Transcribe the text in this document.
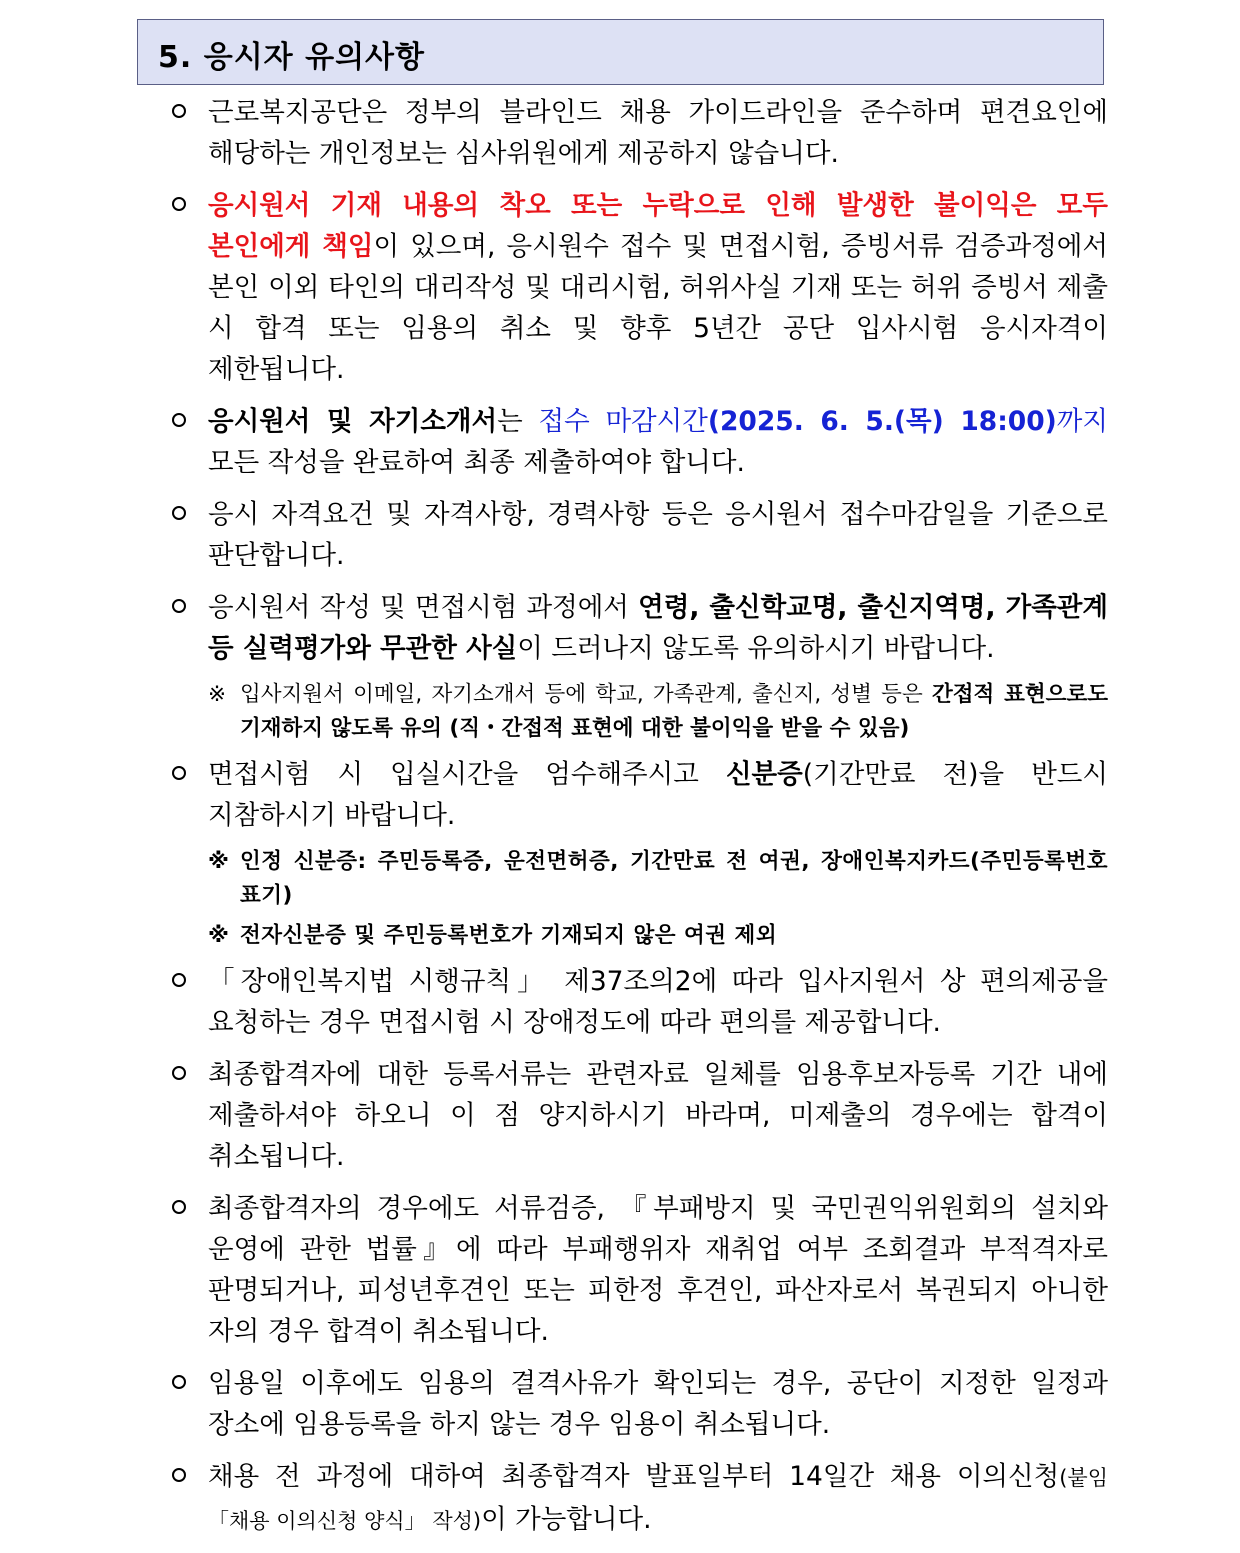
5. 응시자 유의사항
근로복지공단은 정부의 블라인드 채용 가이드라인을 준수하며 편견요인에 해당하는 개인정보는 심사위원에게 제공하지 않습니다.
응시원서 기재 내용의 착오 또는 누락으로 인해 발생한 불이익은 모두 본인에게 책임이 있으며, 응시원수 접수 및 면접시험, 증빙서류 검증과정에서 본인 이외 타인의 대리작성 및 대리시험, 허위사실 기재 또는 허위 증빙서 제출 시 합격 또는 임용의 취소 및 향후 5년간 공단 입사시험 응시자격이 제한됩니다.
응시원서 및 자기소개서는 접수 마감시간(2025. 6. 5.(목) 18:00)까지 모든 작성을 완료하여 최종 제출하여야 합니다.
응시 자격요건 및 자격사항, 경력사항 등은 응시원서 접수마감일을 기준으로 판단합니다.
응시원서 작성 및 면접시험 과정에서 연령, 출신학교명, 출신지역명, 가족관계 등 실력평가와 무관한 사실이 드러나지 않도록 유의하시기 바랍니다.
※ 입사지원서 이메일, 자기소개서 등에 학교, 가족관계, 출신지, 성별 등은 간접적 표현으로도 기재하지 않도록 유의 (직・간접적 표현에 대한 불이익을 받을 수 있음)
면접시험 시 입실시간을 엄수해주시고 신분증(기간만료 전)을 반드시 지참하시기 바랍니다.
※ 인정 신분증: 주민등록증, 운전면허증, 기간만료 전 여권, 장애인복지카드(주민등록번호 표기)
※ 전자신분증 및 주민등록번호가 기재되지 않은 여권 제외
「장애인복지법 시행규칙」 제37조의2에 따라 입사지원서 상 편의제공을 요청하는 경우 면접시험 시 장애정도에 따라 편의를 제공합니다.
최종합격자에 대한 등록서류는 관련자료 일체를 임용후보자등록 기간 내에 제출하셔야 하오니 이 점 양지하시기 바라며, 미제출의 경우에는 합격이 취소됩니다.
최종합격자의 경우에도 서류검증, 『부패방지 및 국민권익위원회의 설치와 운영에 관한 법률』에 따라 부패행위자 재취업 여부 조회결과 부적격자로 판명되거나, 피성년후견인 또는 피한정 후견인, 파산자로서 복권되지 아니한 자의 경우 합격이 취소됩니다.
임용일 이후에도 임용의 결격사유가 확인되는 경우, 공단이 지정한 일정과 장소에 임용등록을 하지 않는 경우 임용이 취소됩니다.
채용 전 과정에 대하여 최종합격자 발표일부터 14일간 채용 이의신청(붙임 「채용 이의신청 양식」 작성)이 가능합니다.
